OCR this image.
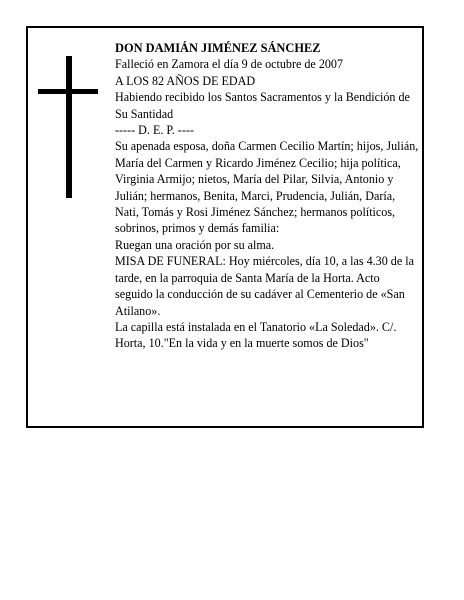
DON DAMIÁN JIMÉNEZ SÁNCHEZ

Falleció en Zamora el día 9 de octubre de 2007

A LOS 82 AÑOS DE EDAD

Habiendo recibido los Santos Sacramentos y la Bendición de Su Santidad

----- D. E. P. ----

Su apenada esposa, doña Carmen Cecilio Martín; hijos, Julián, María del Carmen y Ricardo Jiménez Cecilio; hija política, Virginia Armijo; nietos, María del Pilar, Silvia, Antonio y Julián; hermanos, Benita, Marci, Prudencia, Julián, Daría, Nati, Tomás y Rosi Jiménez Sánchez; hermanos políticos, sobrinos, primos y demás familia:

Ruegan una oración por su alma.

MISA DE FUNERAL: Hoy miércoles, día 10, a las 4.30 de la tarde, en la parroquia de Santa María de la Horta. Acto seguido la conducción de su cadáver al Cementerio de «San Atilano».

La capilla está instalada en el Tanatorio «La Soledad». C/. Horta, 10."En la vida y en la muerte somos de Dios"
